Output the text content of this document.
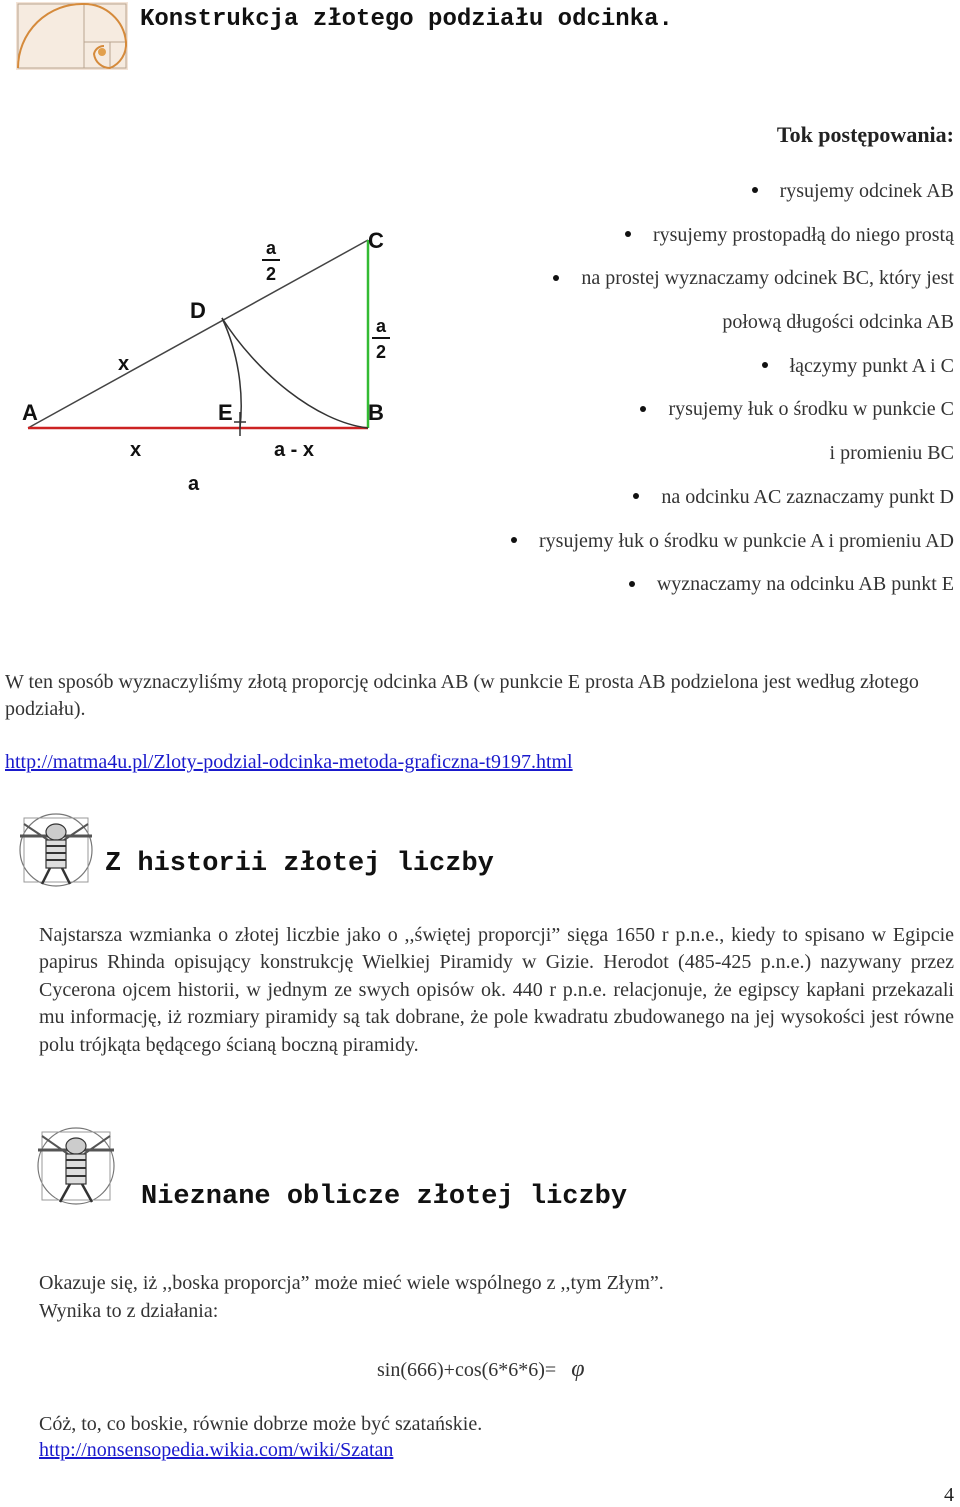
Konstrukcja złotego podziału odcinka.
A	B
C
D
E
x
x	a - x
a
a
2
a
2
Tok postępowania:
rysujemy odcinek AB
rysujemy prostopadłą do niego prostą
na prostej wyznaczamy odcinek BC, który jest
połową długości odcinka AB
łączymy punkt A i C
rysujemy łuk o środku w punkcie C
i promieniu BC
na odcinku AC zaznaczamy punkt D
rysujemy łuk o środku w punkcie A i promieniu AD
wyznaczamy na odcinku AB punkt E
W ten sposób wyznaczyliśmy złotą proporcję odcinka AB (w punkcie E prosta AB podzielona jest według złotego podziału).
http://matma4u.pl/Zloty-podzial-odcinka-metoda-graficzna-t9197.html
Z historii złotej liczby
Najstarsza wzmianka o złotej liczbie jako o ,,świętej proporcji” sięga 1650 r p.n.e., kiedy to spisano w Egipcie papirus Rhinda opisujący konstrukcję Wielkiej Piramidy w Gizie. Herodot (485-425 p.n.e.) nazywany przez Cycerona ojcem historii, w jednym ze swych opisów ok. 440 r p.n.e. relacjonuje, że egipscy kapłani przekazali mu informację, iż rozmiary piramidy są tak dobrane, że pole kwadratu zbudowanego na jej wysokości jest równe polu trójkąta będącego ścianą boczną piramidy.
Nieznane oblicze złotej liczby
Okazuje się, iż ,,boska proporcja” może mieć wiele wspólnego z ,,tym Złym”.
Wynika to z działania:
sin(666)+cos(6*6*6)= φ
Cóż, to, co boskie, równie dobrze może być szatańskie.
http://nonsensopedia.wikia.com/wiki/Szatan
4
